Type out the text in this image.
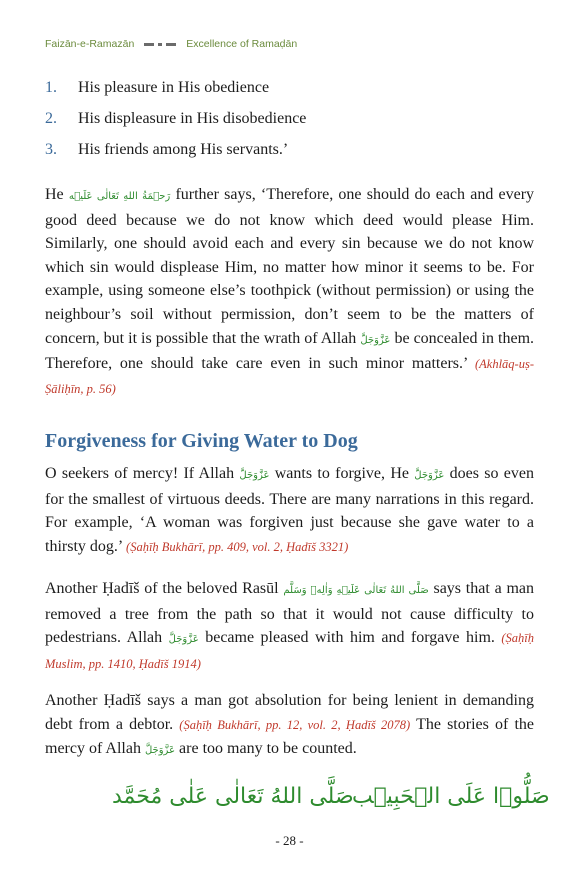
Faizān-e-Ramazān	Excellence of Ramaḍān
1.	His pleasure in His obedience
2.	His displeasure in His disobedience
3.	His friends among His servants.’
He رَحۡمَةُ اللهِ تَعَالٰی عَلَيۡه further says, ‘Therefore, one should do each and every good deed because we do not know which deed would please Him. Similarly, one should avoid each and every sin because we do not know which sin would displease Him, no matter how minor it seems to be. For example, using someone else’s toothpick (without permission) or using the neighbour’s soil without permission, don’t seem to be the matters of concern, but it is possible that the wrath of Allah عَزَّوَجَلَّ be concealed in them. Therefore, one should take care even in such minor matters.’ (Akhlāq-uṣ-Ṣāliḥīn, p. 56)
Forgiveness for Giving Water to Dog
O seekers of mercy! If Allah عَزَّوَجَلَّ wants to forgive, He عَزَّوَجَلَّ does so even for the smallest of virtuous deeds. There are many narrations in this regard. For example, ‘A woman was forgiven just because she gave water to a thirsty dog.’ (Ṣaḥīḥ Bukhārī, pp. 409, vol. 2, Ḥadīš 3321)
Another Ḥadīš of the beloved Rasūl صَلَّى اللهُ تَعَالٰی عَلَيۡهِ وَاٰلِهٖ وَسَلَّم says that a man removed a tree from the path so that it would not cause difficulty to pedestrians. Allah عَزَّوَجَلَّ became pleased with him and forgave him. (Ṣaḥīḥ Muslim, pp. 1410, Ḥadīš 1914)
Another Ḥadīš says a man got absolution for being lenient in demanding debt from a debtor. (Ṣaḥīḥ Bukhārī, pp. 12, vol. 2, Ḥadīš 2078) The stories of the mercy of Allah عَزَّوَجَلَّ are too many to be counted.
صَلَّى اللهُ تَعَالٰی عَلٰی مُحَمَّد
صَلُّوۡا عَلَی الۡحَبِيۡب
- 28 -
